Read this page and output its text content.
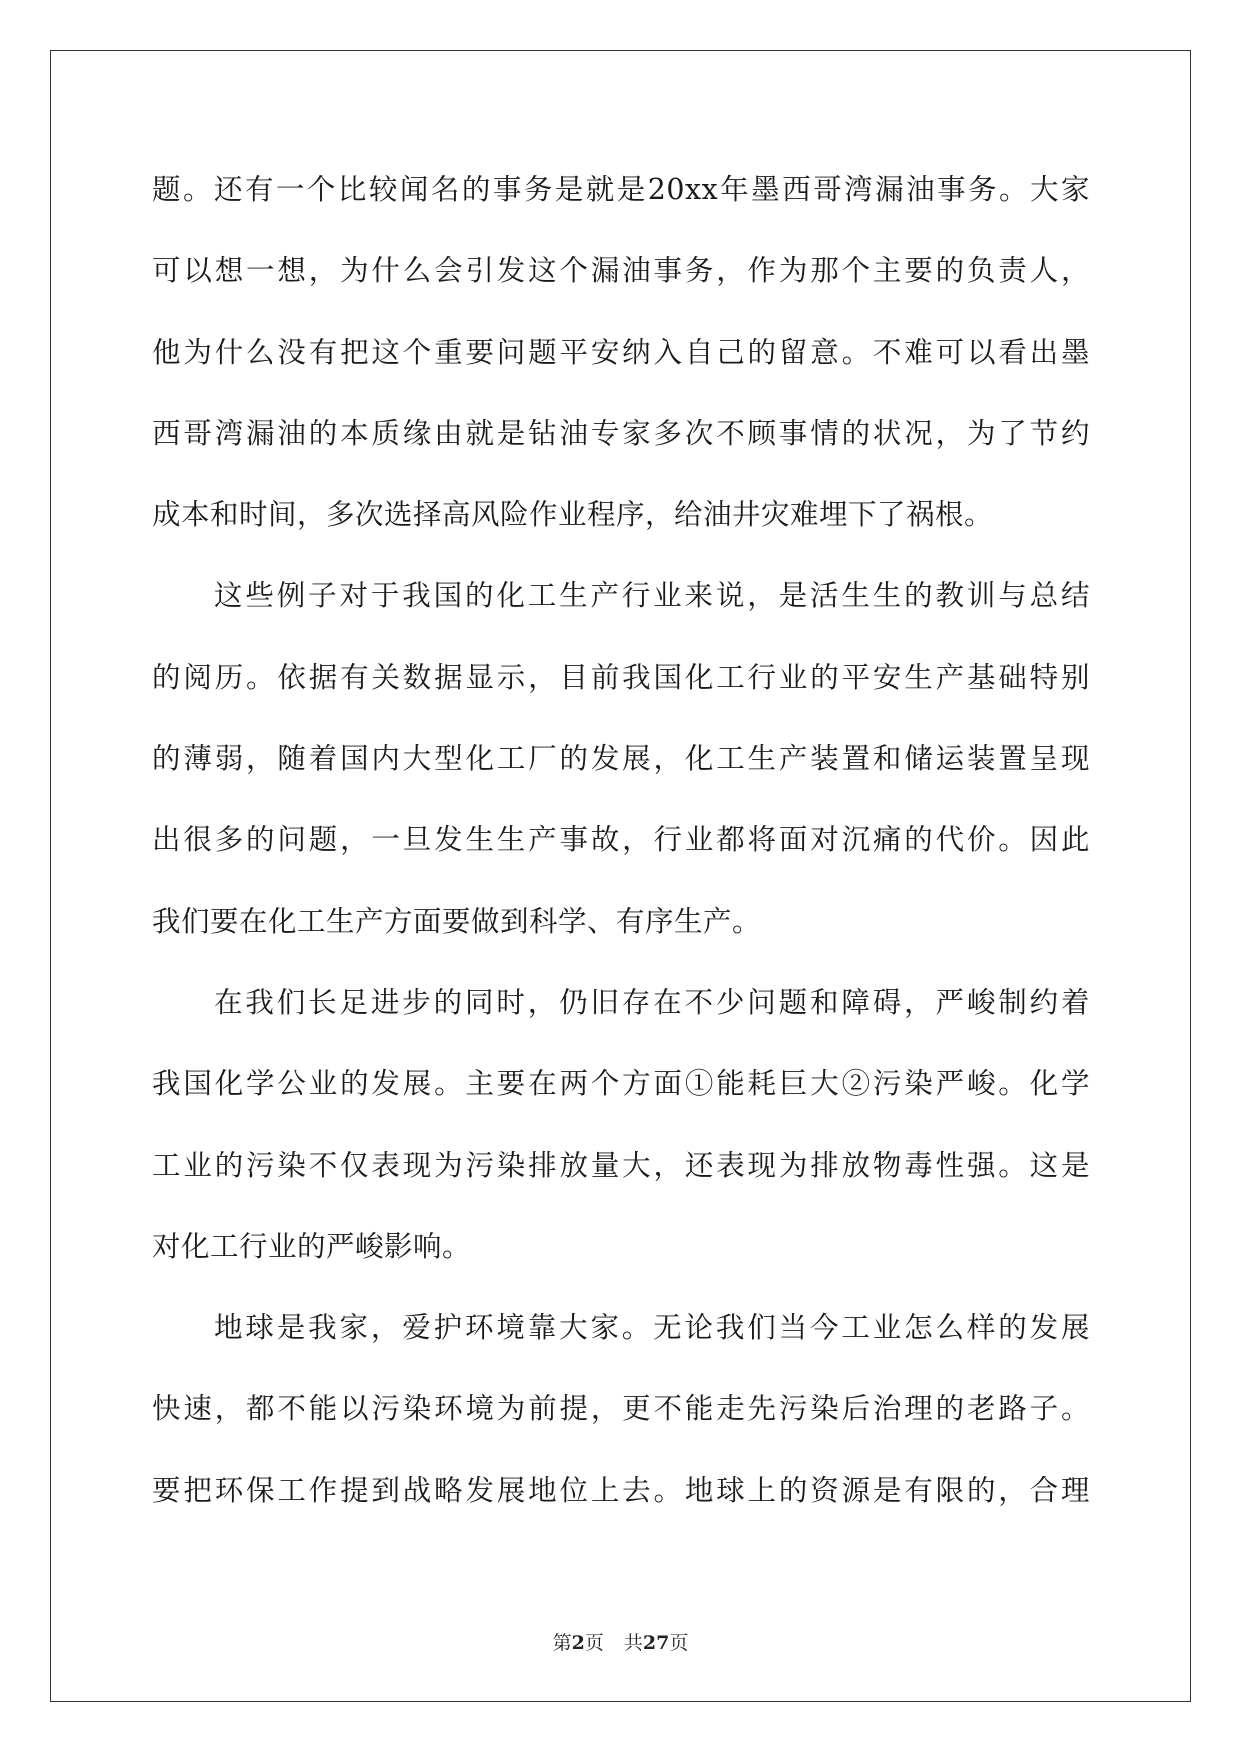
题。还有一个比较闻名的事务是就是20xx年墨西哥湾漏油事务。大家
可以想一想，为什么会引发这个漏油事务，作为那个主要的负责人，
他为什么没有把这个重要问题平安纳入自己的留意。不难可以看出墨
西哥湾漏油的本质缘由就是钻油专家多次不顾事情的状况，为了节约
成本和时间，多次选择高风险作业程序，给油井灾难埋下了祸根。
这些例子对于我国的化工生产行业来说，是活生生的教训与总结
的阅历。依据有关数据显示，目前我国化工行业的平安生产基础特别
的薄弱，随着国内大型化工厂的发展，化工生产装置和储运装置呈现
出很多的问题，一旦发生生产事故，行业都将面对沉痛的代价。因此
我们要在化工生产方面要做到科学、有序生产。
在我们长足进步的同时，仍旧存在不少问题和障碍，严峻制约着
我国化学公业的发展。主要在两个方面①能耗巨大②污染严峻。化学
工业的污染不仅表现为污染排放量大，还表现为排放物毒性强。这是
对化工行业的严峻影响。
地球是我家，爱护环境靠大家。无论我们当今工业怎么样的发展
快速，都不能以污染环境为前提，更不能走先污染后治理的老路子。
要把环保工作提到战略发展地位上去。地球上的资源是有限的，合理
第2页 共27页
